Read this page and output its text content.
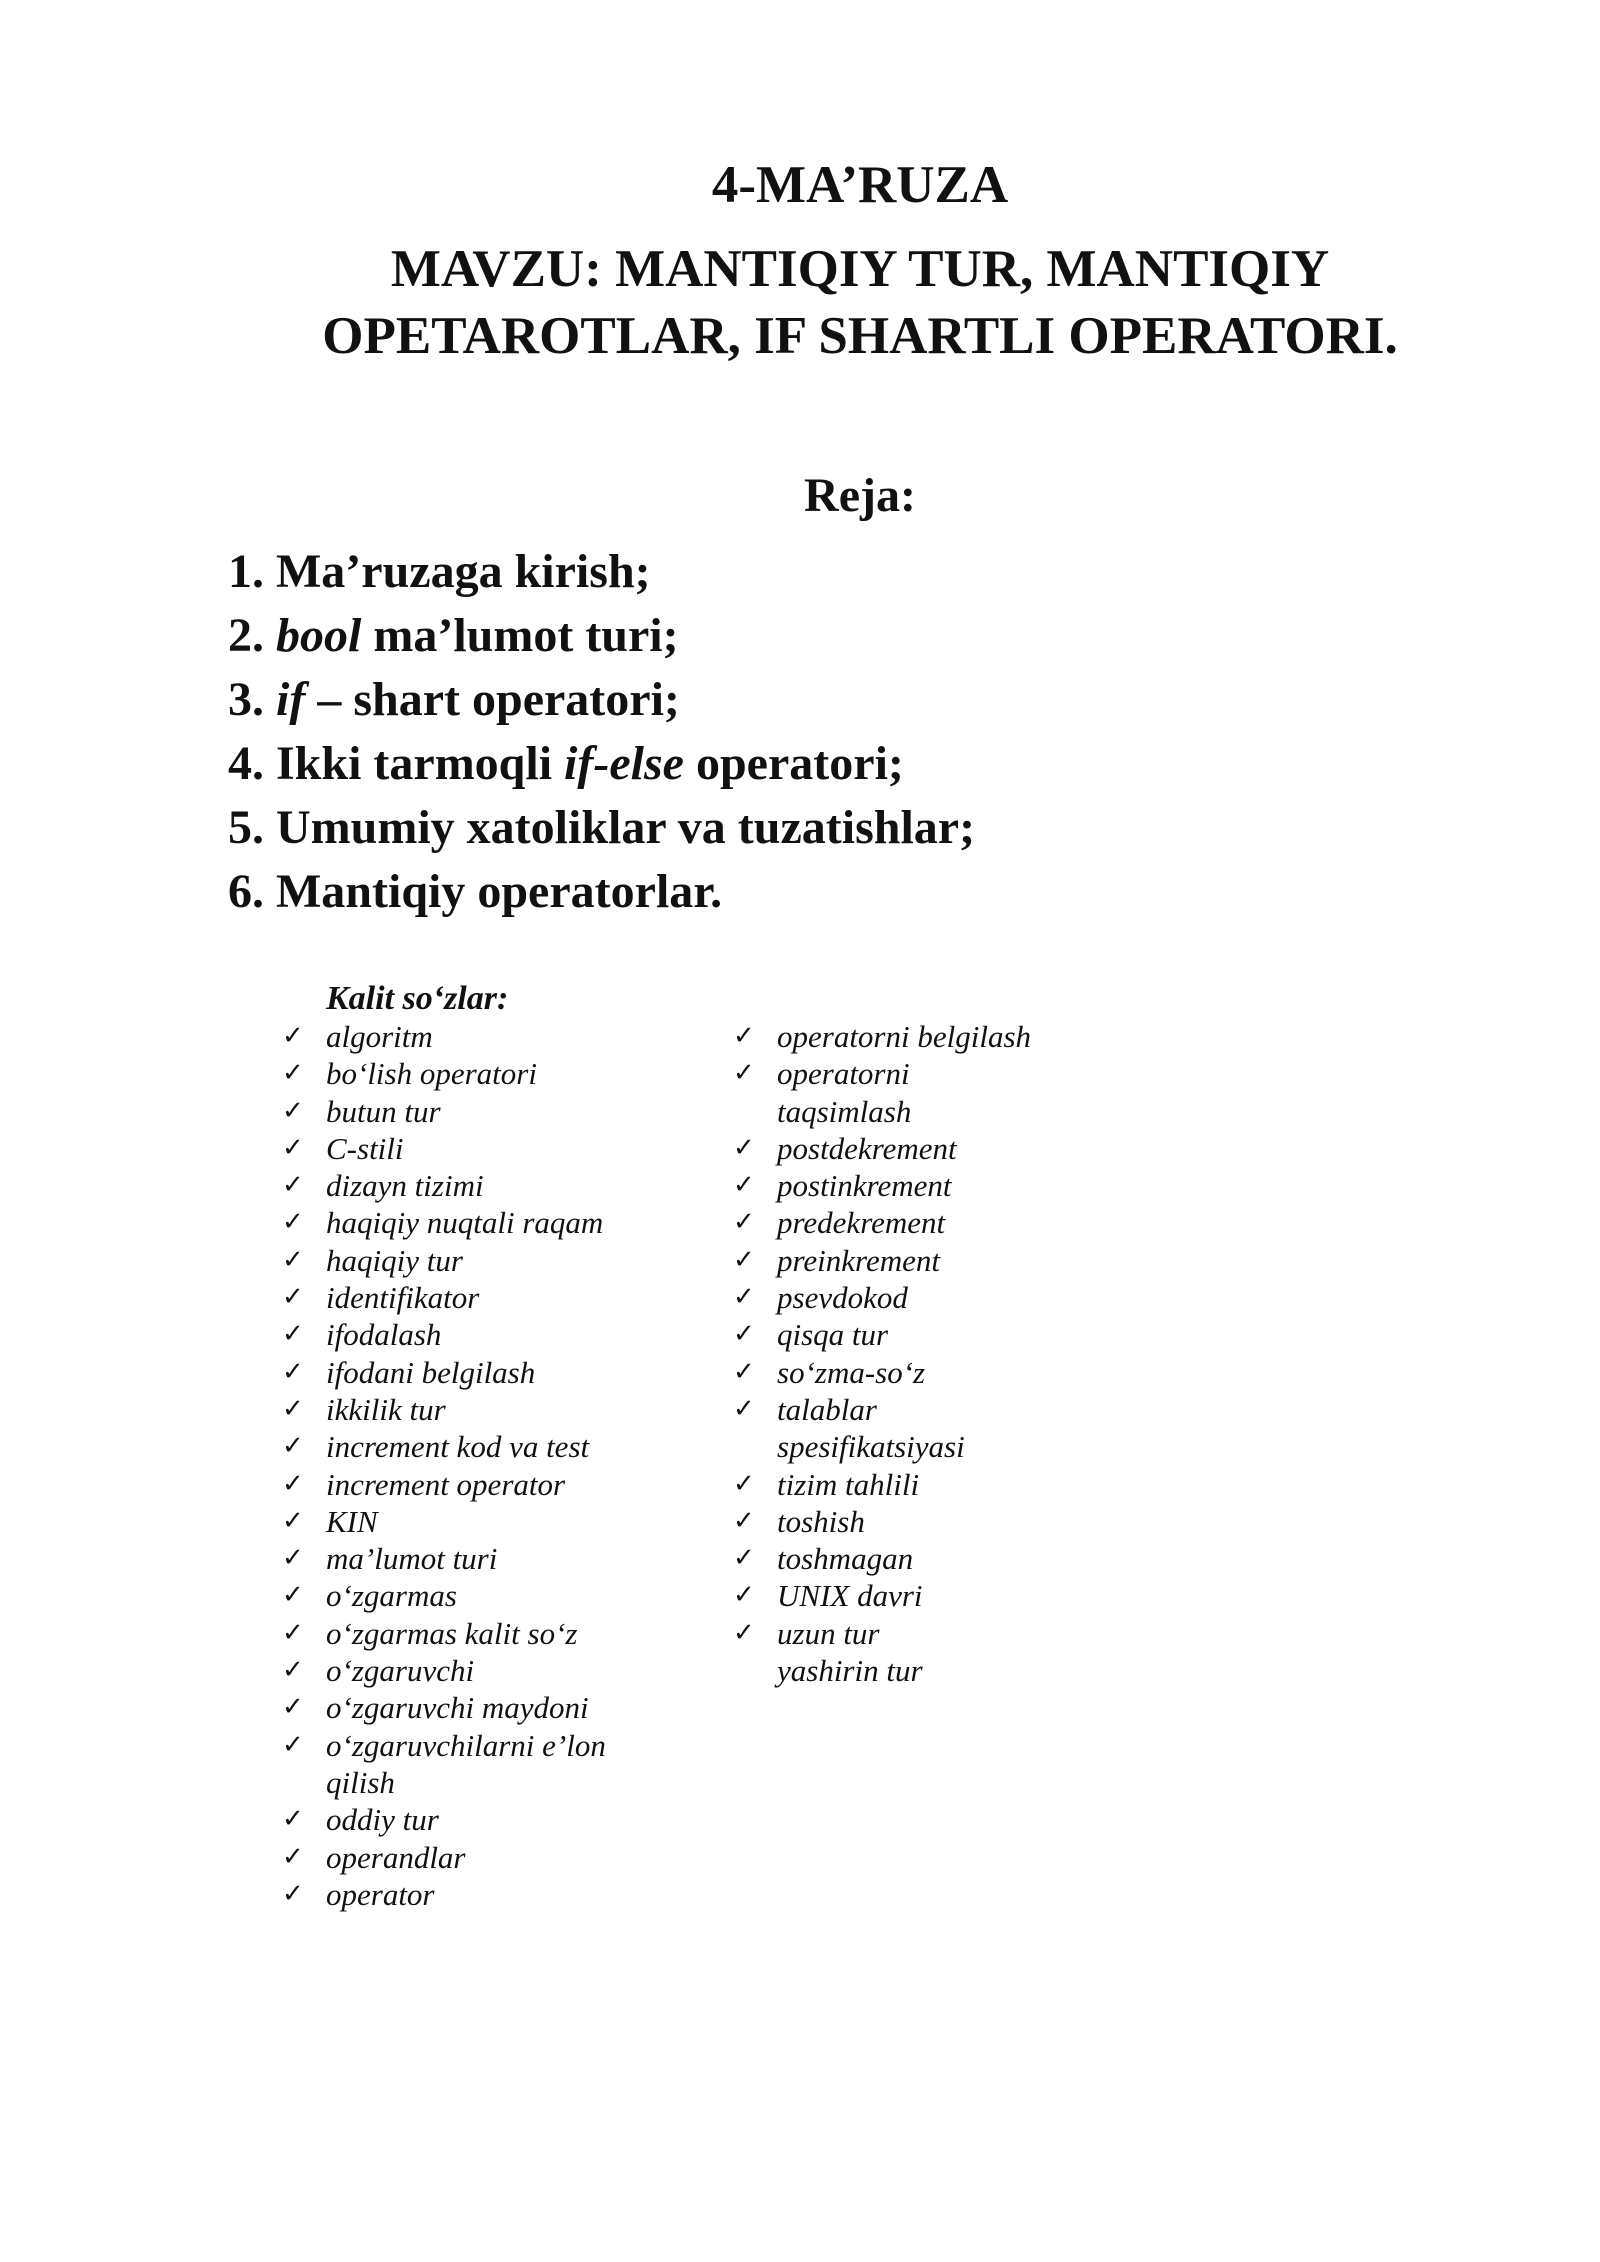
4-MA’RUZA
MAVZU: MANTIQIY TUR, MANTIQIY OPETAROTLAR, IF SHARTLI OPERATORI.
Reja:
1. Ma’ruzaga kirish;
2. bool ma’lumot turi;
3. if – shart operatori;
4. Ikki tarmoqli if-else operatori;
5. Umumiy xatoliklar va tuzatishlar;
6. Mantiqiy operatorlar.
Kalit so‘zlar:
✓ algoritm
✓ bo‘lish operatori
✓ butun tur
✓ C-stili
✓ dizayn tizimi
✓ haqiqiy nuqtali raqam
✓ haqiqiy tur
✓ identifikator
✓ ifodalash
✓ ifodani belgilash
✓ ikkilik tur
✓ increment kod va test
✓ increment operator
✓ KIN
✓ ma’lumot turi
✓ o‘zgarmas
✓ o‘zgarmas kalit so‘z
✓ o‘zgaruvchi
✓ o‘zgaruvchi maydoni
✓ o‘zgaruvchilarni e’lon qilish
✓ oddiy tur
✓ operandlar
✓ operator
✓ operatorni belgilash
✓ operatorni taqsimlash
✓ postdekrement
✓ postinkrement
✓ predekrement
✓ preinkrement
✓ psevdokod
✓ qisqa tur
✓ so‘zma-so‘z
✓ talablar spesifikatsiyasi
✓ tizim tahlili
✓ toshish
✓ toshmagan
✓ UNIX davri
✓ uzun tur
yashirin tur
